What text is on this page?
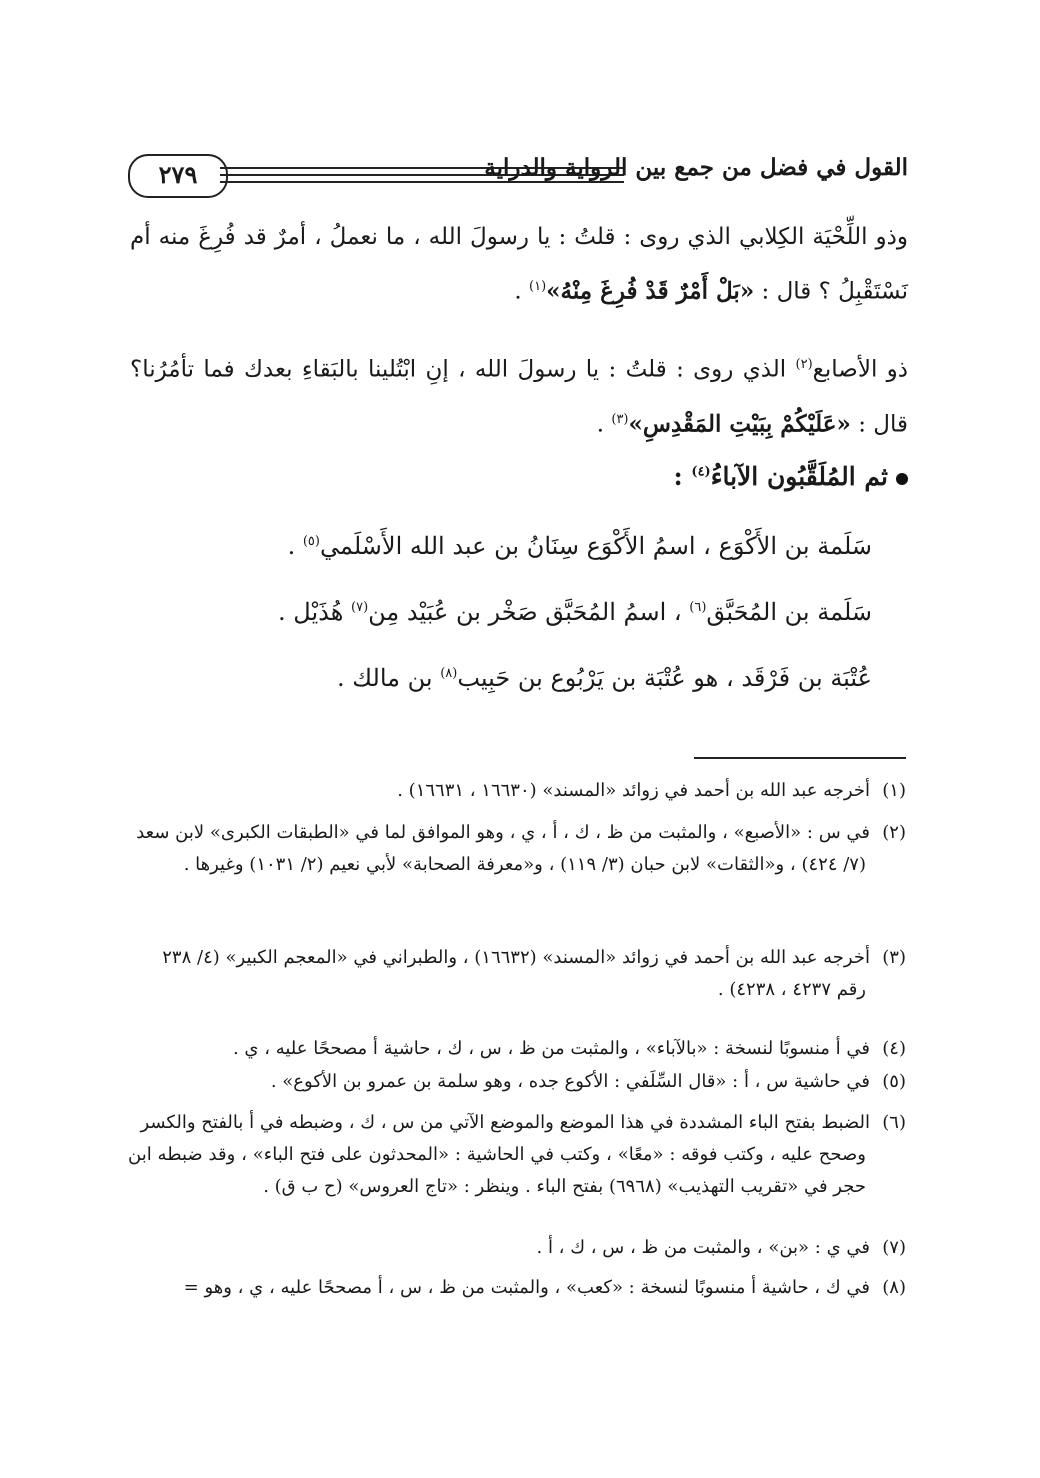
٢٧٩	القول في فضل من جمع بين الرواية والدراية
وذو اللِّحْيَة الكِلابي الذي روى : قلتُ : يا رسولَ الله ، ما نعملُ ، أمرٌ قد فُرِغَ منه أم نَسْتَقْبِلُ ؟ قال : «بَلْ أَمْرٌ قَدْ فُرِغَ مِنْهُ»$^{(١)}$ .
ذو الأصابع$^{(٢)}$ الذي روى : قلتُ : يا رسولَ الله ، إنِ ابْتُلينا بالبَقاءِ بعدك فما تأمُرُنا؟ قال : «عَلَيْكُمْ بِبَيْتِ المَقْدِسِ»$^{(٣)}$ .
ثم المُلَقَّبُون الآباءُ$^{(٤)}$ :
سَلَمة بن الأَكْوَع ، اسمُ الأَكْوَع سِنَانُ بن عبد الله الأَسْلَمي$^{(٥)}$ .
سَلَمة بن المُحَبَّق$^{(٦)}$ ، اسمُ المُحَبَّق صَخْر بن عُبَيْد مِن$^{(٧)}$ هُذَيْل .
عُتْبَة بن فَرْقَد ، هو عُتْبَة بن يَرْبُوع بن حَبِيب$^{(٨)}$ بن مالك .
(١)أخرجه عبد الله بن أحمد في زوائد «المسند» (١٦٦٣٠ ، ١٦٦٣١) .
(٢)في س : «الأصبع» ، والمثبت من ظ ، ك ، أ ، ي ، وهو الموافق لما في «الطبقات الكبرى» لابن سعد
(٧/ ٤٢٤) ، و«الثقات» لابن حبان (٣/ ١١٩) ، و«معرفة الصحابة» لأبي نعيم (٢/ ١٠٣١) وغيرها .
(٣)أخرجه عبد الله بن أحمد في زوائد «المسند» (١٦٦٣٢) ، والطبراني في «المعجم الكبير» (٤/ ٢٣٨
رقم ٤٢٣٧ ، ٤٢٣٨) .
(٤)في أ منسوبًا لنسخة : «بالآباء» ، والمثبت من ظ ، س ، ك ، حاشية أ مصححًا عليه ، ي .
(٥)في حاشية س ، أ : «قال السِّلَفي : الأكوع جده ، وهو سلمة بن عمرو بن الأكوع» .
(٦)الضبط بفتح الباء المشددة في هذا الموضع والموضع الآتي من س ، ك ، وضبطه في أ بالفتح والكسر
وصحح عليه ، وكتب فوقه : «معًا» ، وكتب في الحاشية : «المحدثون على فتح الباء» ، وقد ضبطه ابن حجر في «تقريب التهذيب» (٦٩٦٨) بفتح الباء . وينظر : «تاج العروس» (ح ب ق) .
(٧)في ي : «بن» ، والمثبت من ظ ، س ، ك ، أ .
(٨)في ك ، حاشية أ منسوبًا لنسخة : «كعب» ، والمثبت من ظ ، س ، أ مصححًا عليه ، ي ، وهو =
